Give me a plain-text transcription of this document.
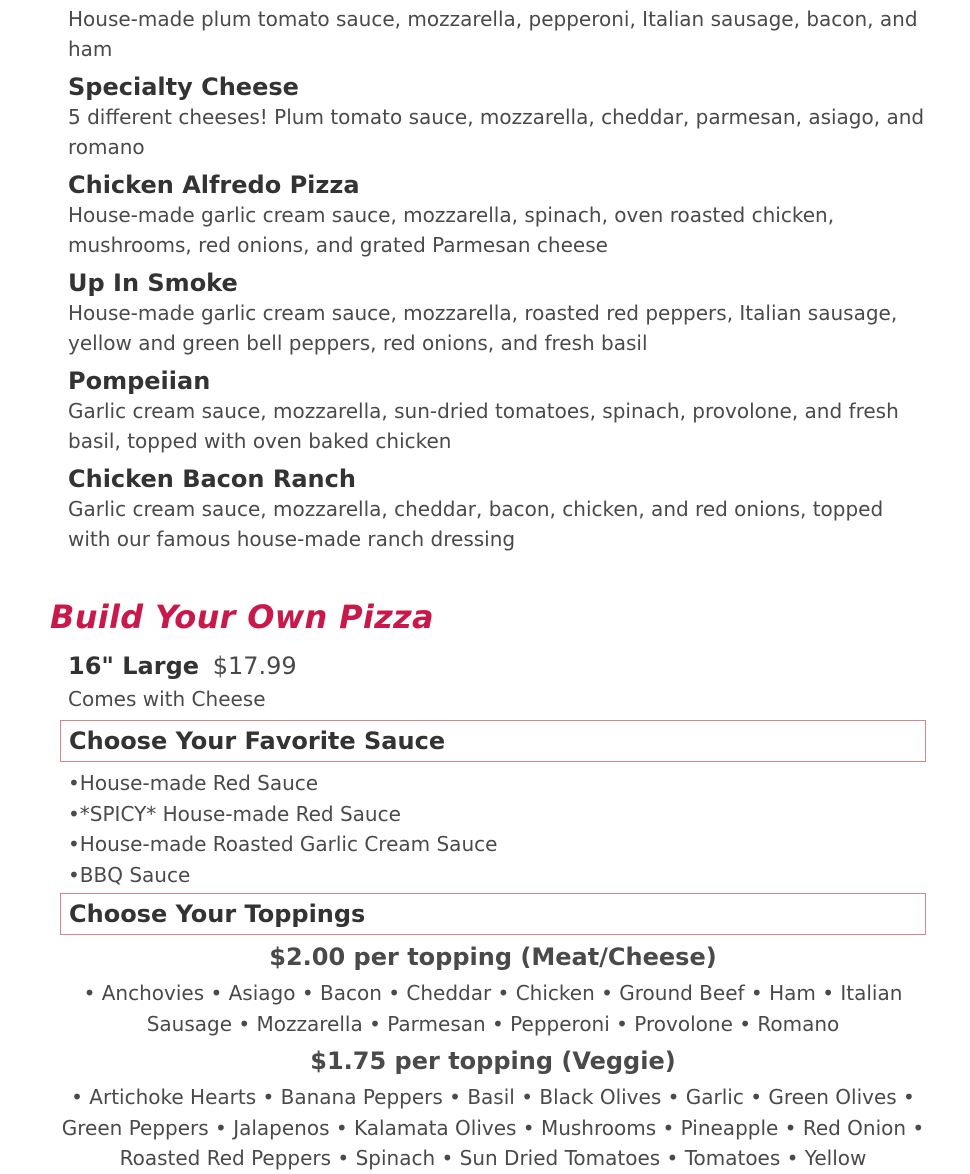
House-made plum tomato sauce, mozzarella, pepperoni, Italian sausage, bacon, and ham

Specialty Cheese

5 different cheeses! Plum tomato sauce, mozzarella, cheddar, parmesan, asiago, and romano

Chicken Alfredo Pizza

House-made garlic cream sauce, mozzarella, spinach, oven roasted chicken, mushrooms, red onions, and grated Parmesan cheese

Up In Smoke

House-made garlic cream sauce, mozzarella, roasted red peppers, Italian sausage, yellow and green bell peppers, red onions, and fresh basil

Pompeiian

Garlic cream sauce, mozzarella, sun-dried tomatoes, spinach, provolone, and fresh basil, topped with oven baked chicken

Chicken Bacon Ranch

Garlic cream sauce, mozzarella, cheddar, bacon, chicken, and red onions, topped with our famous house-made ranch dressing

Build Your Own Pizza

16" Large $17.99

Comes with Cheese

Choose Your Favorite Sauce
•House-made Red Sauce
•*SPICY* House-made Red Sauce
•House-made Roasted Garlic Cream Sauce
•BBQ Sauce
Choose Your Toppings

$2.00 per topping (Meat/Cheese)

• Anchovies • Asiago • Bacon • Cheddar • Chicken • Ground Beef • Ham • Italian Sausage • Mozzarella • Parmesan • Pepperoni • Provolone • Romano

$1.75 per topping (Veggie)

• Artichoke Hearts • Banana Peppers • Basil • Black Olives • Garlic • Green Olives • Green Peppers • Jalapenos • Kalamata Olives • Mushrooms • Pineapple • Red Onion • Roasted Red Peppers • Spinach • Sun Dried Tomatoes • Tomatoes • Yellow
